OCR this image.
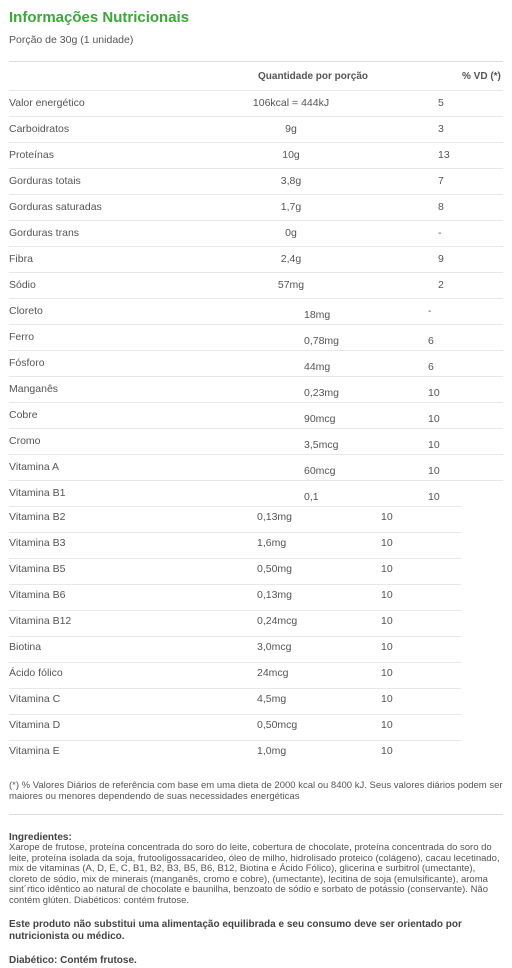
Informações Nutricionais
Porção de 30g (1 unidade)
Quantidade por porção	% VD (*)
Valor energético	106kcal = 444kJ	5
Carboidratos	9g	3
Proteínas	10g	13
Gorduras totais	3,8g	7
Gorduras saturadas	1,7g	8
Gorduras trans	0g	-
Fibra	2,4g	9
Sódio	57mg	2
Cloreto	18mg	-
Ferro	0,78mg	6
Fósforo	44mg	6
Manganês	0,23mg	10
Cobre	90mcg	10
Cromo	3,5mcg	10
Vitamina A	60mcg	10
Vitamina B1	0,1	10
Vitamina B2	0,13mg	10
Vitamina B3	1,6mg	10
Vitamina B5	0,50mg	10
Vitamina B6	0,13mg	10
Vitamina B12	0,24mcg	10
Biotina	3,0mcg	10
Ácido fólico	24mcg	10
Vitamina C	4,5mg	10
Vitamina D	0,50mcg	10
Vitamina E	1,0mg	10
(*) % Valores Diários de referência com base em uma dieta de 2000 kcal ou 8400 kJ. Seus valores diários podem ser maiores ou menores dependendo de suas necessidades energéticas
Ingredientes:
Xarope de frutose, proteína concentrada do soro do leite, cobertura de chocolate, proteína concentrada do soro do leite, proteína isolada da soja, frutooligossacarídeo, óleo de milho, hidrolisado proteico (colágeno), cacau lecetinado, mix de vitaminas (A, D, E, C, B1, B2, B3, B5, B6, B12, Biotina e Ácido Fólico), glicerina e surbitrol (umectante), cloreto de sódio, mix de minerais (manganês, cromo e cobre), (umectante), lecitina de soja (emulsificante), aroma sint´rtico idêntico ao natural de chocolate e baunilha, benzoato de sódio e sorbato de potássio (conservante). Não contém glúten. Diabéticos: contém frutose.
Este produto não substitui uma alimentação equilibrada e seu consumo deve ser orientado por nutricionista ou médico.
Diabético: Contém frutose.
